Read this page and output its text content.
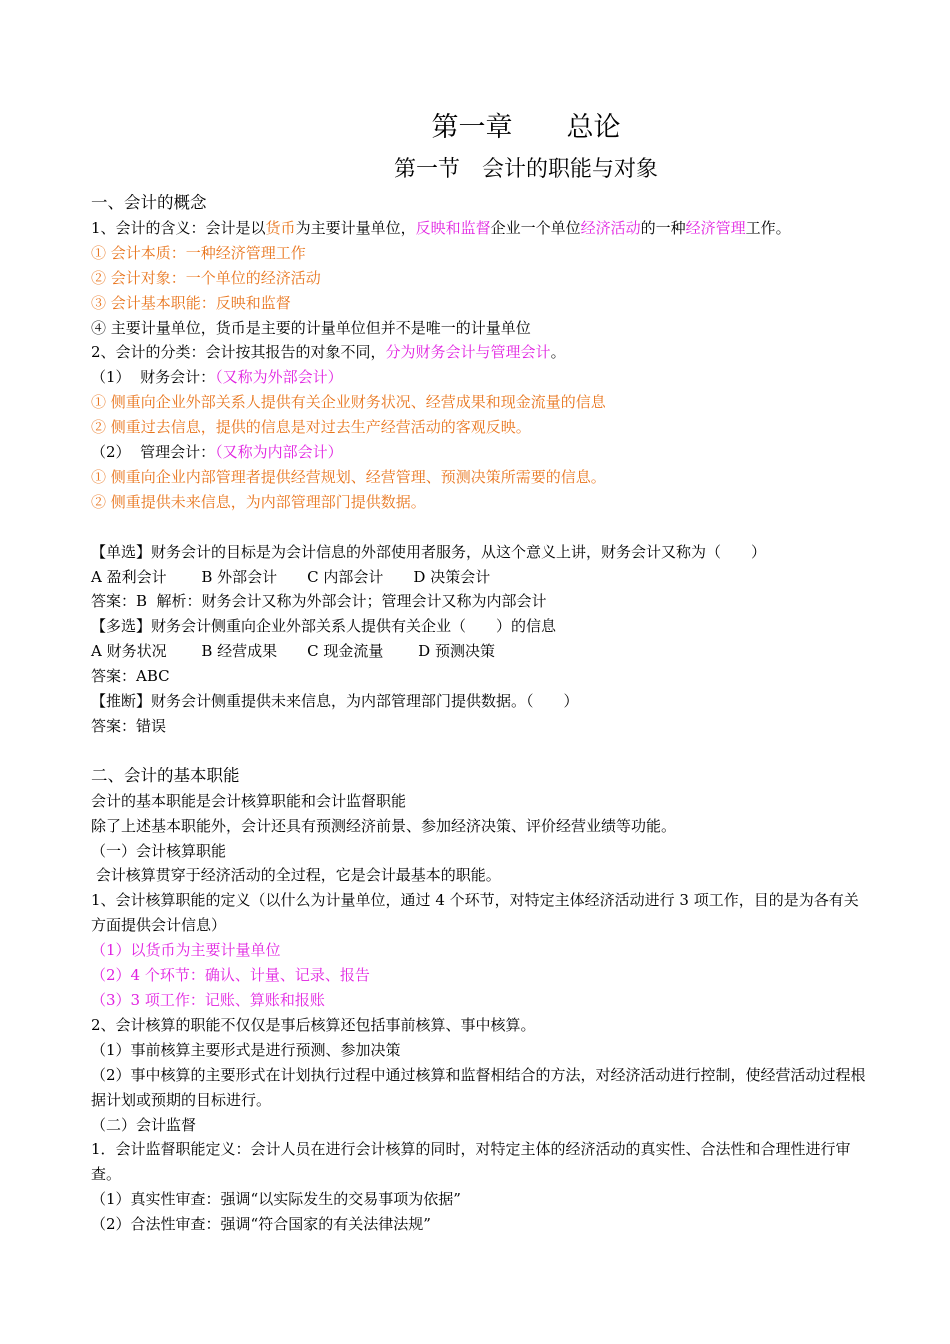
第一章　　总论
第一节　会计的职能与对象
一、会计的概念
1、会计的含义：会计是以货币为主要计量单位，反映和监督企业一个单位经济活动的一种经济管理工作。
① 会计本质：一种经济管理工作
② 会计对象：一个单位的经济活动
③ 会计基本职能：反映和监督
④ 主要计量单位，货币是主要的计量单位但并不是唯一的计量单位
2、会计的分类：会计按其报告的对象不同，分为财务会计与管理会计。
（1）  财务会计：（又称为外部会计）
① 侧重向企业外部关系人提供有关企业财务状况、经营成果和现金流量的信息
② 侧重过去信息，提供的信息是对过去生产经营活动的客观反映。
（2）  管理会计：（又称为内部会计）
① 侧重向企业内部管理者提供经营规划、经营管理、预测决策所需要的信息。
② 侧重提供未来信息，为内部管理部门提供数据。
【单选】财务会计的目标是为会计信息的外部使用者服务，从这个意义上讲，财务会计又称为（　　）
A 盈利会计　　 B 外部会计　　C 内部会计　　D 决策会计
答案：B  解析：财务会计又称为外部会计；管理会计又称为内部会计
【多选】财务会计侧重向企业外部关系人提供有关企业（　　）的信息
A 财务状况　　 B 经营成果　　C 现金流量　　 D 预测决策
答案：ABC
【推断】财务会计侧重提供未来信息，为内部管理部门提供数据。（　　）
答案：错误
二、会计的基本职能
会计的基本职能是会计核算职能和会计监督职能
除了上述基本职能外，会计还具有预测经济前景、参加经济决策、评价经营业绩等功能。
（一）会计核算职能
会计核算贯穿于经济活动的全过程，它是会计最基本的职能。
1、会计核算职能的定义（以什么为计量单位，通过 4 个环节，对特定主体经济活动进行 3 项工作，目的是为各有关方面提供会计信息）
（1）以货币为主要计量单位
（2）4 个环节：确认、计量、记录、报告
（3）3 项工作：记账、算账和报账
2、会计核算的职能不仅仅是事后核算还包括事前核算、事中核算。
（1）事前核算主要形式是进行预测、参加决策
（2）事中核算的主要形式在计划执行过程中通过核算和监督相结合的方法，对经济活动进行控制，使经营活动过程根据计划或预期的目标进行。
（二）会计监督
1．会计监督职能定义：会计人员在进行会计核算的同时，对特定主体的经济活动的真实性、合法性和合理性进行审查。
（1）真实性审查：强调“以实际发生的交易事项为依据”
（2）合法性审查：强调“符合国家的有关法律法规”
